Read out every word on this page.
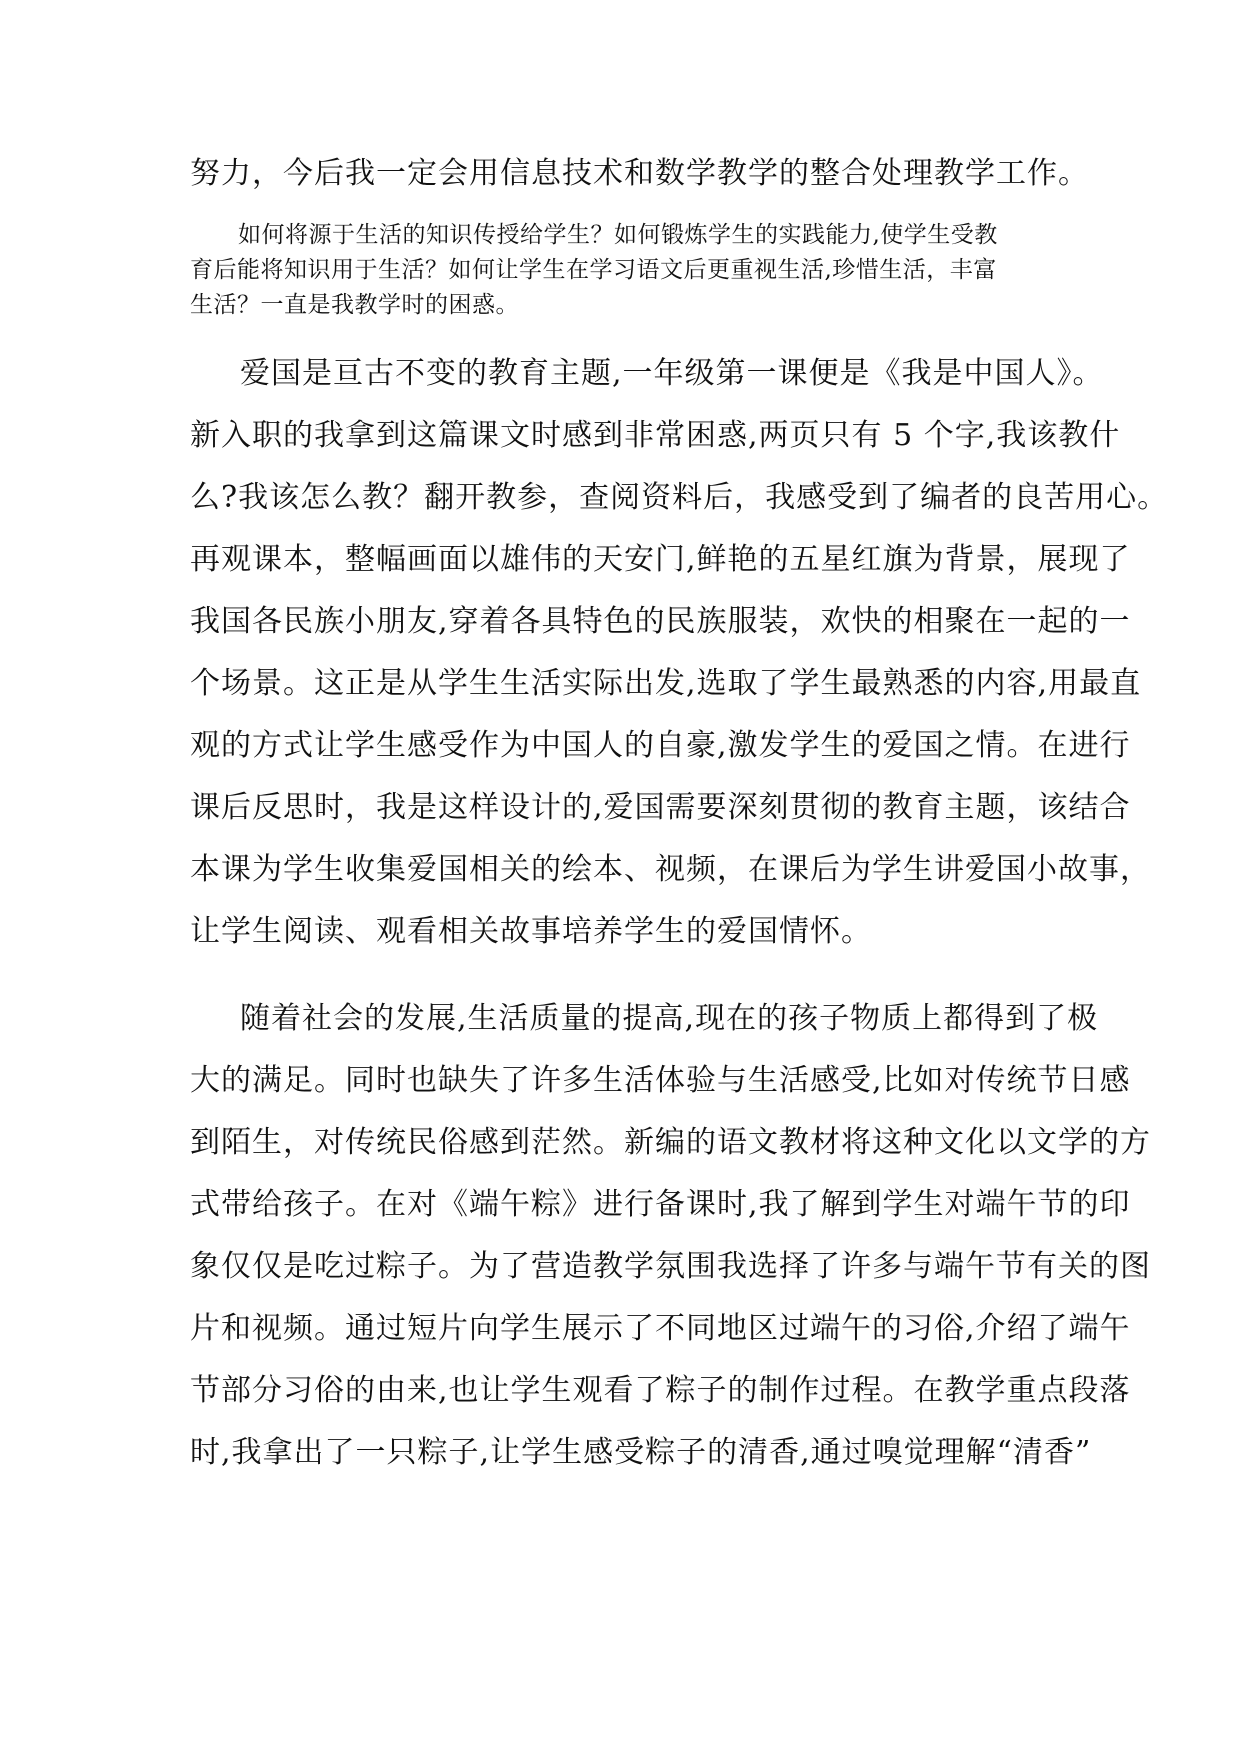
努力，今后我一定会用信息技术和数学教学的整合处理教学工作。

如何将源于生活的知识传授给学生？如何锻炼学生的实践能力,使学生受教

育后能将知识用于生活？如何让学生在学习语文后更重视生活,珍惜生活，丰富

生活？一直是我教学时的困惑。

爱国是亘古不变的教育主题,一年级第一课便是《我是中国人》。

新入职的我拿到这篇课文时感到非常困惑,两页只有 5 个字,我该教什

么?我该怎么教？翻开教参，查阅资料后，我感受到了编者的良苦用心。

再观课本，整幅画面以雄伟的天安门,鲜艳的五星红旗为背景，展现了

我国各民族小朋友,穿着各具特色的民族服装，欢快的相聚在一起的一

个场景。这正是从学生生活实际出发,选取了学生最熟悉的内容,用最直

观的方式让学生感受作为中国人的自豪,激发学生的爱国之情。在进行

课后反思时，我是这样设计的,爱国需要深刻贯彻的教育主题，该结合

本课为学生收集爱国相关的绘本、视频，在课后为学生讲爱国小故事，

让学生阅读、观看相关故事培养学生的爱国情怀。

随着社会的发展,生活质量的提高,现在的孩子物质上都得到了极

大的满足。同时也缺失了许多生活体验与生活感受,比如对传统节日感

到陌生，对传统民俗感到茫然。新编的语文教材将这种文化以文学的方

式带给孩子。在对《端午粽》进行备课时,我了解到学生对端午节的印

象仅仅是吃过粽子。为了营造教学氛围我选择了许多与端午节有关的图

片和视频。通过短片向学生展示了不同地区过端午的习俗,介绍了端午

节部分习俗的由来,也让学生观看了粽子的制作过程。在教学重点段落

时,我拿出了一只粽子,让学生感受粽子的清香,通过嗅觉理解“清香”
